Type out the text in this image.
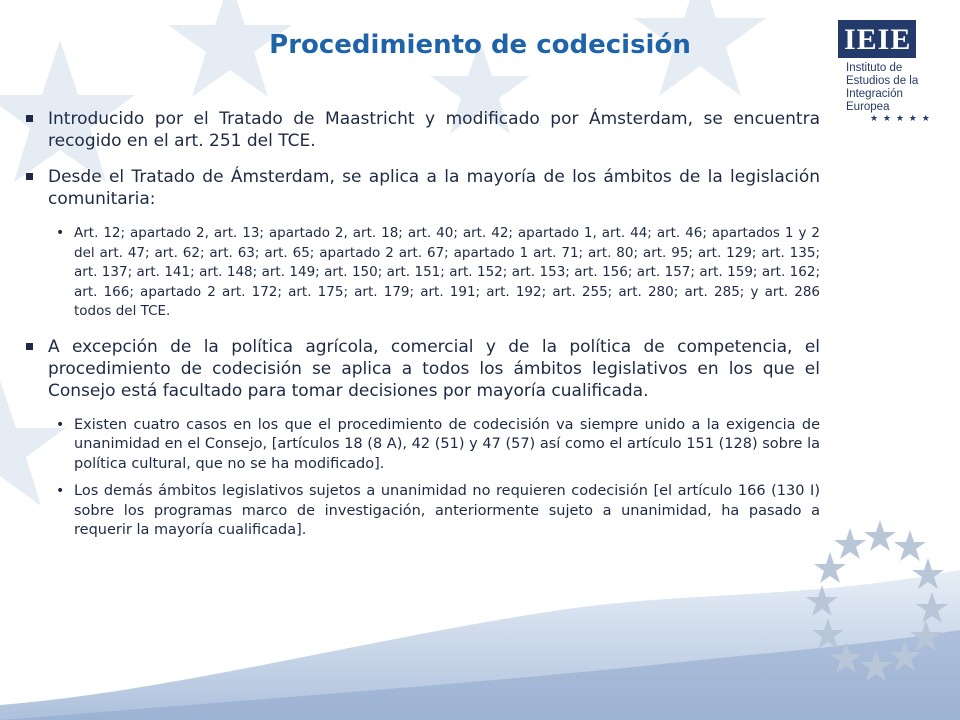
Procedimiento de codecisión	IEIE
Instituto de
Estudios de la
Integración
Europea
★ ★ ★ ★ ★
Introducido por el Tratado de Maastricht y modificado por Ámsterdam, se encuentra recogido en el art. 251 del TCE.
Desde el Tratado de Ámsterdam, se aplica a la mayoría de los ámbitos de la legislación comunitaria:
• Art. 12; apartado 2, art. 13; apartado 2, art. 18; art. 40; art. 42; apartado 1, art. 44; art. 46; apartados 1 y 2 del art. 47; art. 62; art. 63; art. 65; apartado 2 art. 67; apartado 1 art. 71; art. 80; art. 95; art. 129; art. 135; art. 137; art. 141; art. 148; art. 149; art. 150; art. 151; art. 152; art. 153; art. 156; art. 157; art. 159; art. 162; art. 166; apartado 2 art. 172; art. 175; art. 179; art. 191; art. 192; art. 255; art. 280; art. 285; y art. 286 todos del TCE.
A excepción de la política agrícola, comercial y de la política de competencia, el procedimiento de codecisión se aplica a todos los ámbitos legislativos en los que el Consejo está facultado para tomar decisiones por mayoría cualificada.
• Existen cuatro casos en los que el procedimiento de codecisión va siempre unido a la exigencia de unanimidad en el Consejo, [artículos 18 (8 A), 42 (51) y 47 (57) así como el artículo 151 (128) sobre la política cultural, que no se ha modificado].
• Los demás ámbitos legislativos sujetos a unanimidad no requieren codecisión [el artículo 166 (130 I) sobre los programas marco de investigación, anteriormente sujeto a unanimidad, ha pasado a requerir la mayoría cualificada].
